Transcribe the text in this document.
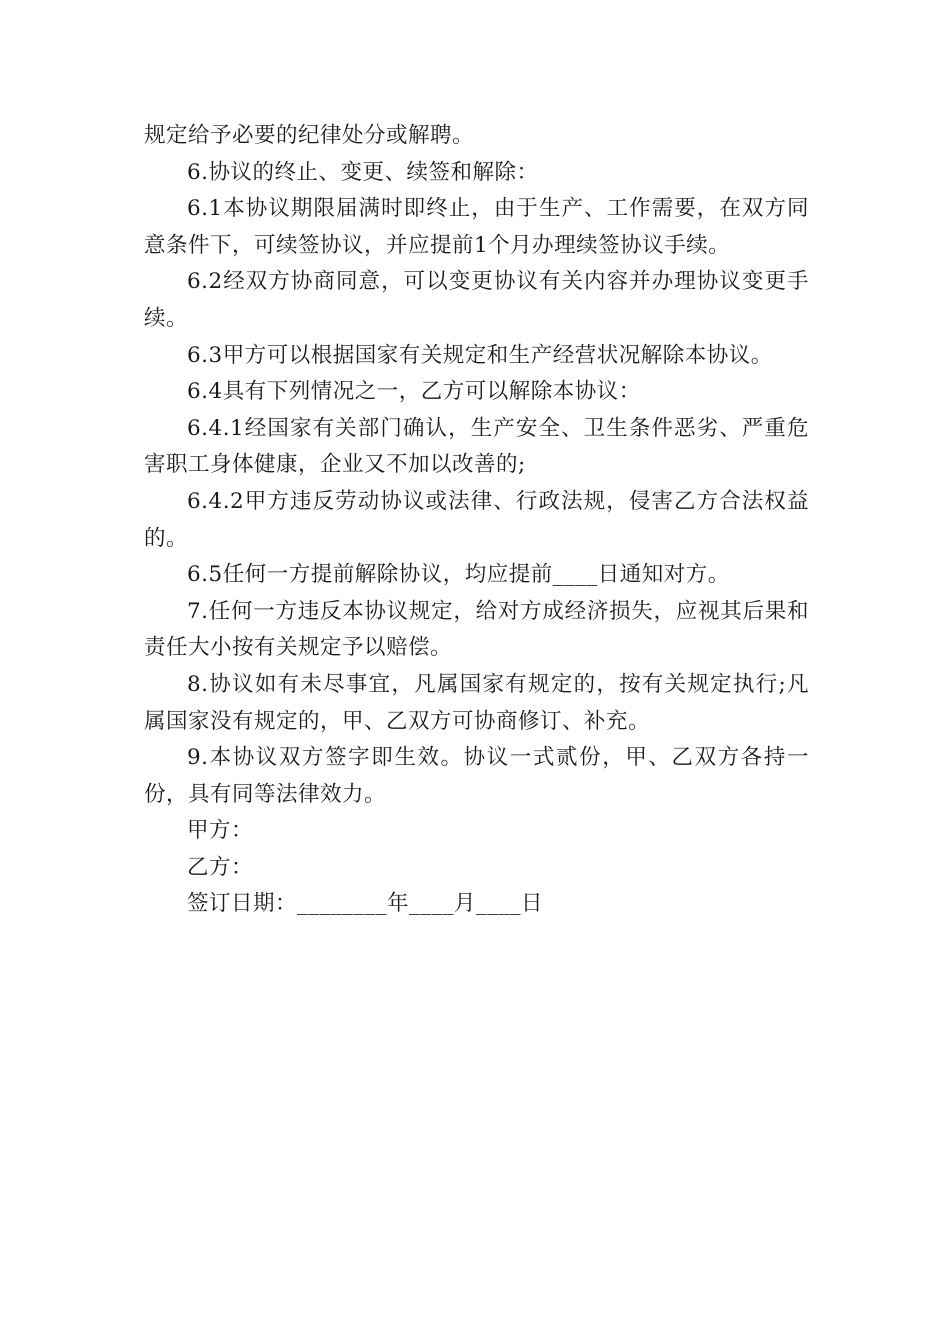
规定给予必要的纪律处分或解聘。

6.协议的终止、变更、续签和解除：

6.1本协议期限届满时即终止，由于生产、工作需要，在双方同意条件下，可续签协议，并应提前1个月办理续签协议手续。

6.2经双方协商同意，可以变更协议有关内容并办理协议变更手续。

6.3甲方可以根据国家有关规定和生产经营状况解除本协议。

6.4具有下列情况之一，乙方可以解除本协议：

6.4.1经国家有关部门确认，生产安全、卫生条件恶劣、严重危害职工身体健康，企业又不加以改善的;

6.4.2甲方违反劳动协议或法律、行政法规，侵害乙方合法权益的。

6.5任何一方提前解除协议，均应提前____日通知对方。

7.任何一方违反本协议规定，给对方成经济损失，应视其后果和责任大小按有关规定予以赔偿。

8.协议如有未尽事宜，凡属国家有规定的，按有关规定执行;凡属国家没有规定的，甲、乙双方可协商修订、补充。

9.本协议双方签字即生效。协议一式贰份，甲、乙双方各持一份，具有同等法律效力。

甲方：

乙方：

签订日期：________年____月____日
